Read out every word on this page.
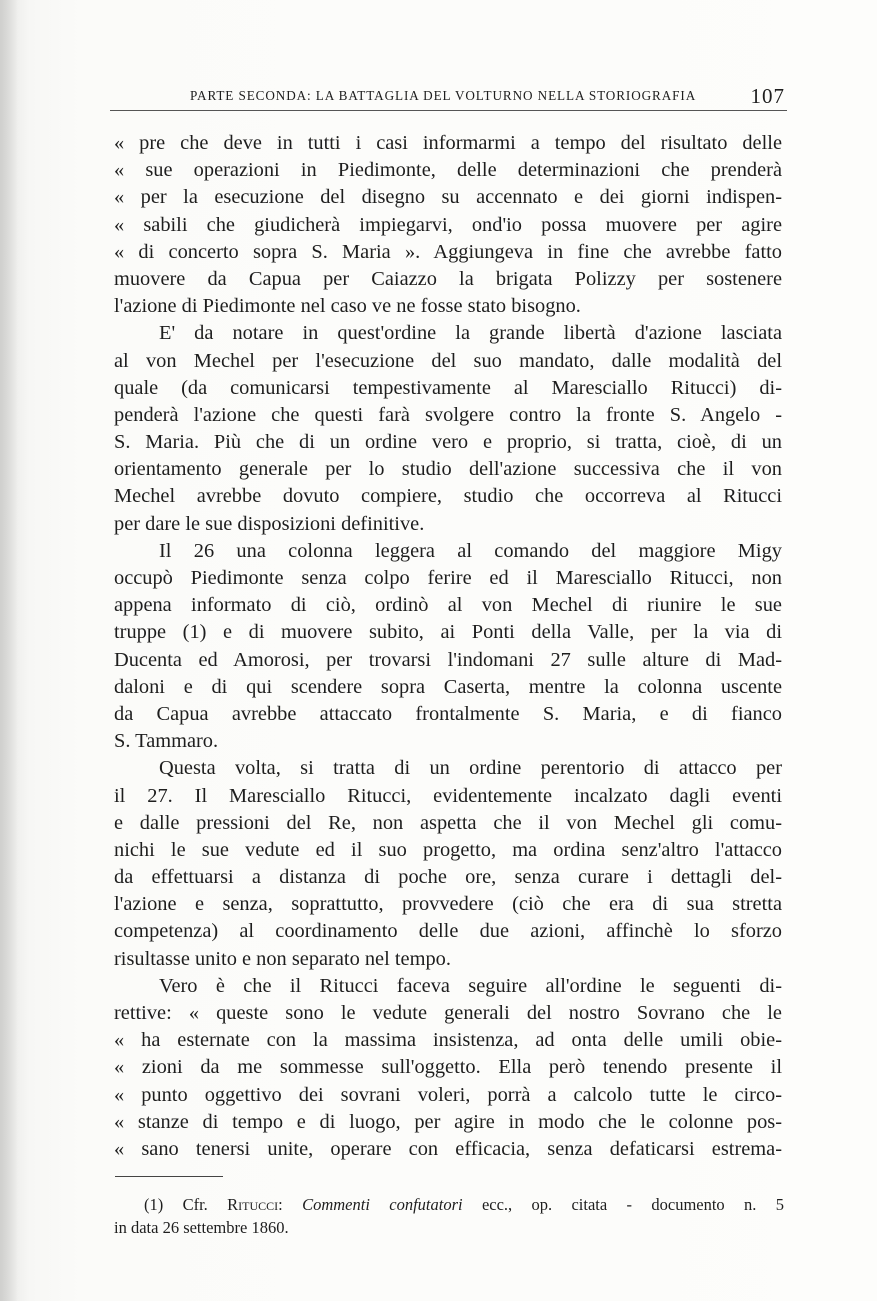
PARTE SECONDA: LA BATTAGLIA DEL VOLTURNO NELLA STORIOGRAFIA	107
« pre che deve in tutti i casi informarmi a tempo del risultato delle
« sue operazioni in Piedimonte, delle determinazioni che prenderà
« per la esecuzione del disegno su accennato e dei giorni indispen-
« sabili che giudicherà impiegarvi, ond'io possa muovere per agire
« di concerto sopra S. Maria ». Aggiungeva in fine che avrebbe fatto
muovere da Capua per Caiazzo la brigata Polizzy per sostenere
l'azione di Piedimonte nel caso ve ne fosse stato bisogno.
E' da notare in quest'ordine la grande libertà d'azione lasciata
al von Mechel per l'esecuzione del suo mandato, dalle modalità del
quale (da comunicarsi tempestivamente al Maresciallo Ritucci) di-
penderà l'azione che questi farà svolgere contro la fronte S. Angelo -
S. Maria. Più che di un ordine vero e proprio, si tratta, cioè, di un
orientamento generale per lo studio dell'azione successiva che il von
Mechel avrebbe dovuto compiere, studio che occorreva al Ritucci
per dare le sue disposizioni definitive.
Il 26 una colonna leggera al comando del maggiore Migy
occupò Piedimonte senza colpo ferire ed il Maresciallo Ritucci, non
appena informato di ciò, ordinò al von Mechel di riunire le sue
truppe (1) e di muovere subito, ai Ponti della Valle, per la via di
Ducenta ed Amorosi, per trovarsi l'indomani 27 sulle alture di Mad-
daloni e di qui scendere sopra Caserta, mentre la colonna uscente
da Capua avrebbe attaccato frontalmente S. Maria, e di fianco
S. Tammaro.
Questa volta, si tratta di un ordine perentorio di attacco per
il 27. Il Maresciallo Ritucci, evidentemente incalzato dagli eventi
e dalle pressioni del Re, non aspetta che il von Mechel gli comu-
nichi le sue vedute ed il suo progetto, ma ordina senz'altro l'attacco
da effettuarsi a distanza di poche ore, senza curare i dettagli del-
l'azione e senza, soprattutto, provvedere (ciò che era di sua stretta
competenza) al coordinamento delle due azioni, affinchè lo sforzo
risultasse unito e non separato nel tempo.
Vero è che il Ritucci faceva seguire all'ordine le seguenti di-
rettive: « queste sono le vedute generali del nostro Sovrano che le
« ha esternate con la massima insistenza, ad onta delle umili obie-
« zioni da me sommesse sull'oggetto. Ella però tenendo presente il
« punto oggettivo dei sovrani voleri, porrà a calcolo tutte le circo-
« stanze di tempo e di luogo, per agire in modo che le colonne pos-
« sano tenersi unite, operare con efficacia, senza defaticarsi estrema-
(1) Cfr. Ritucci: Commenti confutatori ecc., op. citata - documento n. 5
in data 26 settembre 1860.
